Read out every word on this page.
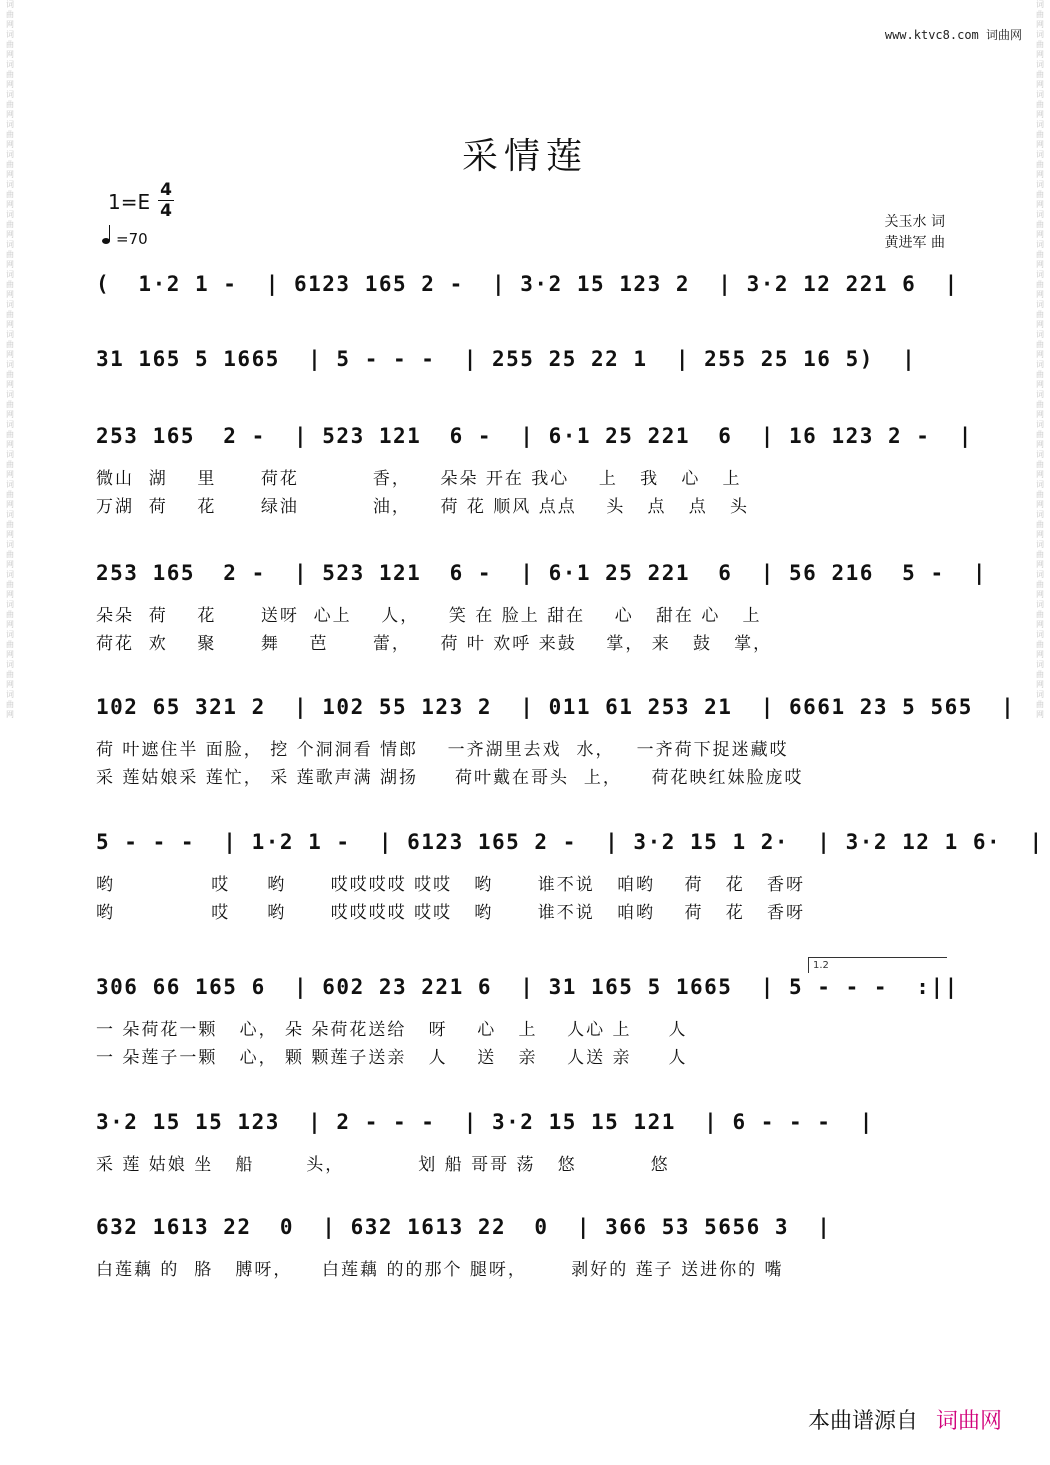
词 曲 网 词 曲 网 词 曲 网 词 曲 网 词 曲 网 词 曲 网 词 曲 网 词 曲 网 词 曲 网 词 曲 网 词 曲 网 词 曲 网 词 曲 网 词 曲 网 词 曲 网 词 曲 网 词 曲 网 词 曲 网 词 曲 网 词 曲 网 词 曲 网 词 曲 网 词 曲 网 词 曲 网
词 曲 网 词 曲 网 词 曲 网 词 曲 网 词 曲 网 词 曲 网 词 曲 网 词 曲 网 词 曲 网 词 曲 网 词 曲 网 词 曲 网 词 曲 网 词 曲 网 词 曲 网 词 曲 网 词 曲 网 词 曲 网 词 曲 网 词 曲 网 词 曲 网 词 曲 网 词 曲 网 词 曲 网
www.ktvc8.com 词曲网
采情莲
1=E 4
4
=70
关玉水 词
黄进军 曲
(  1·2 1 -  | 6123 165 2 -  | 3·2 15 123 2  | 3·2 12 221 6  |
31 165 5 1665  | 5 - - -  | 255 25 22 1  | 255 25 16 5)  |
253 165  2 -  | 523 121  6 -  | 6·1 25 221  6  | 16 123 2 -  |
微山  湖    里      荷花          香，    朵朵 开在 我心    上   我   心   上
万湖  荷    花      绿油          油，    荷 花 顺风 点点    头   点   点   头
253 165  2 -  | 523 121  6 -  | 6·1 25 221  6  | 56 216  5 -  |
朵朵  荷    花      送呀  心上    人，    笑 在 脸上 甜在    心   甜在 心   上
荷花  欢    聚      舞    芭      蕾，    荷 叶 欢呼 来鼓    掌， 来   鼓   掌，
102 65 321 2  | 102 55 123 2  | 011 61 253 21  | 6661 23 5 565  |
荷 叶遮住半 面脸， 挖 个洞洞看 情郎    一齐湖里去戏  水，   一齐荷下捉迷藏哎
采 莲姑娘采 莲忙， 采 莲歌声满 湖扬     荷叶戴在哥头  上，    荷花映红妹脸庞哎
5 - - -  | 1·2 1 -  | 6123 165 2 -  | 3·2 15 1 2·  | 3·2 12 1 6·  |
哟             哎     哟      哎哎哎哎 哎哎   哟      谁不说   咱哟    荷   花   香呀
哟             哎     哟      哎哎哎哎 哎哎   哟      谁不说   咱哟    荷   花   香呀
306 66 165 6  | 602 23 221 6  | 31 165 5 1665  | 5 - - -  :||
1.2
一 朵荷花一颗   心， 朵 朵荷花送给   呀    心   上    人心 上     人
一 朵莲子一颗   心， 颗 颗莲子送亲   人    送   亲    人送 亲     人
3·2 15 15 123  | 2 - - -  | 3·2 15 15 121  | 6 - - -  |
采 莲 姑娘 坐   船       头，          划 船 哥哥 荡   悠          悠
632 1613 22  0  | 632 1613 22  0  | 366 53 5656 3  |
白莲藕 的  胳   膊呀，    白莲藕 的的那个 腿呀，      剥好的 莲子 送进你的 嘴
本曲谱源自 词曲网
